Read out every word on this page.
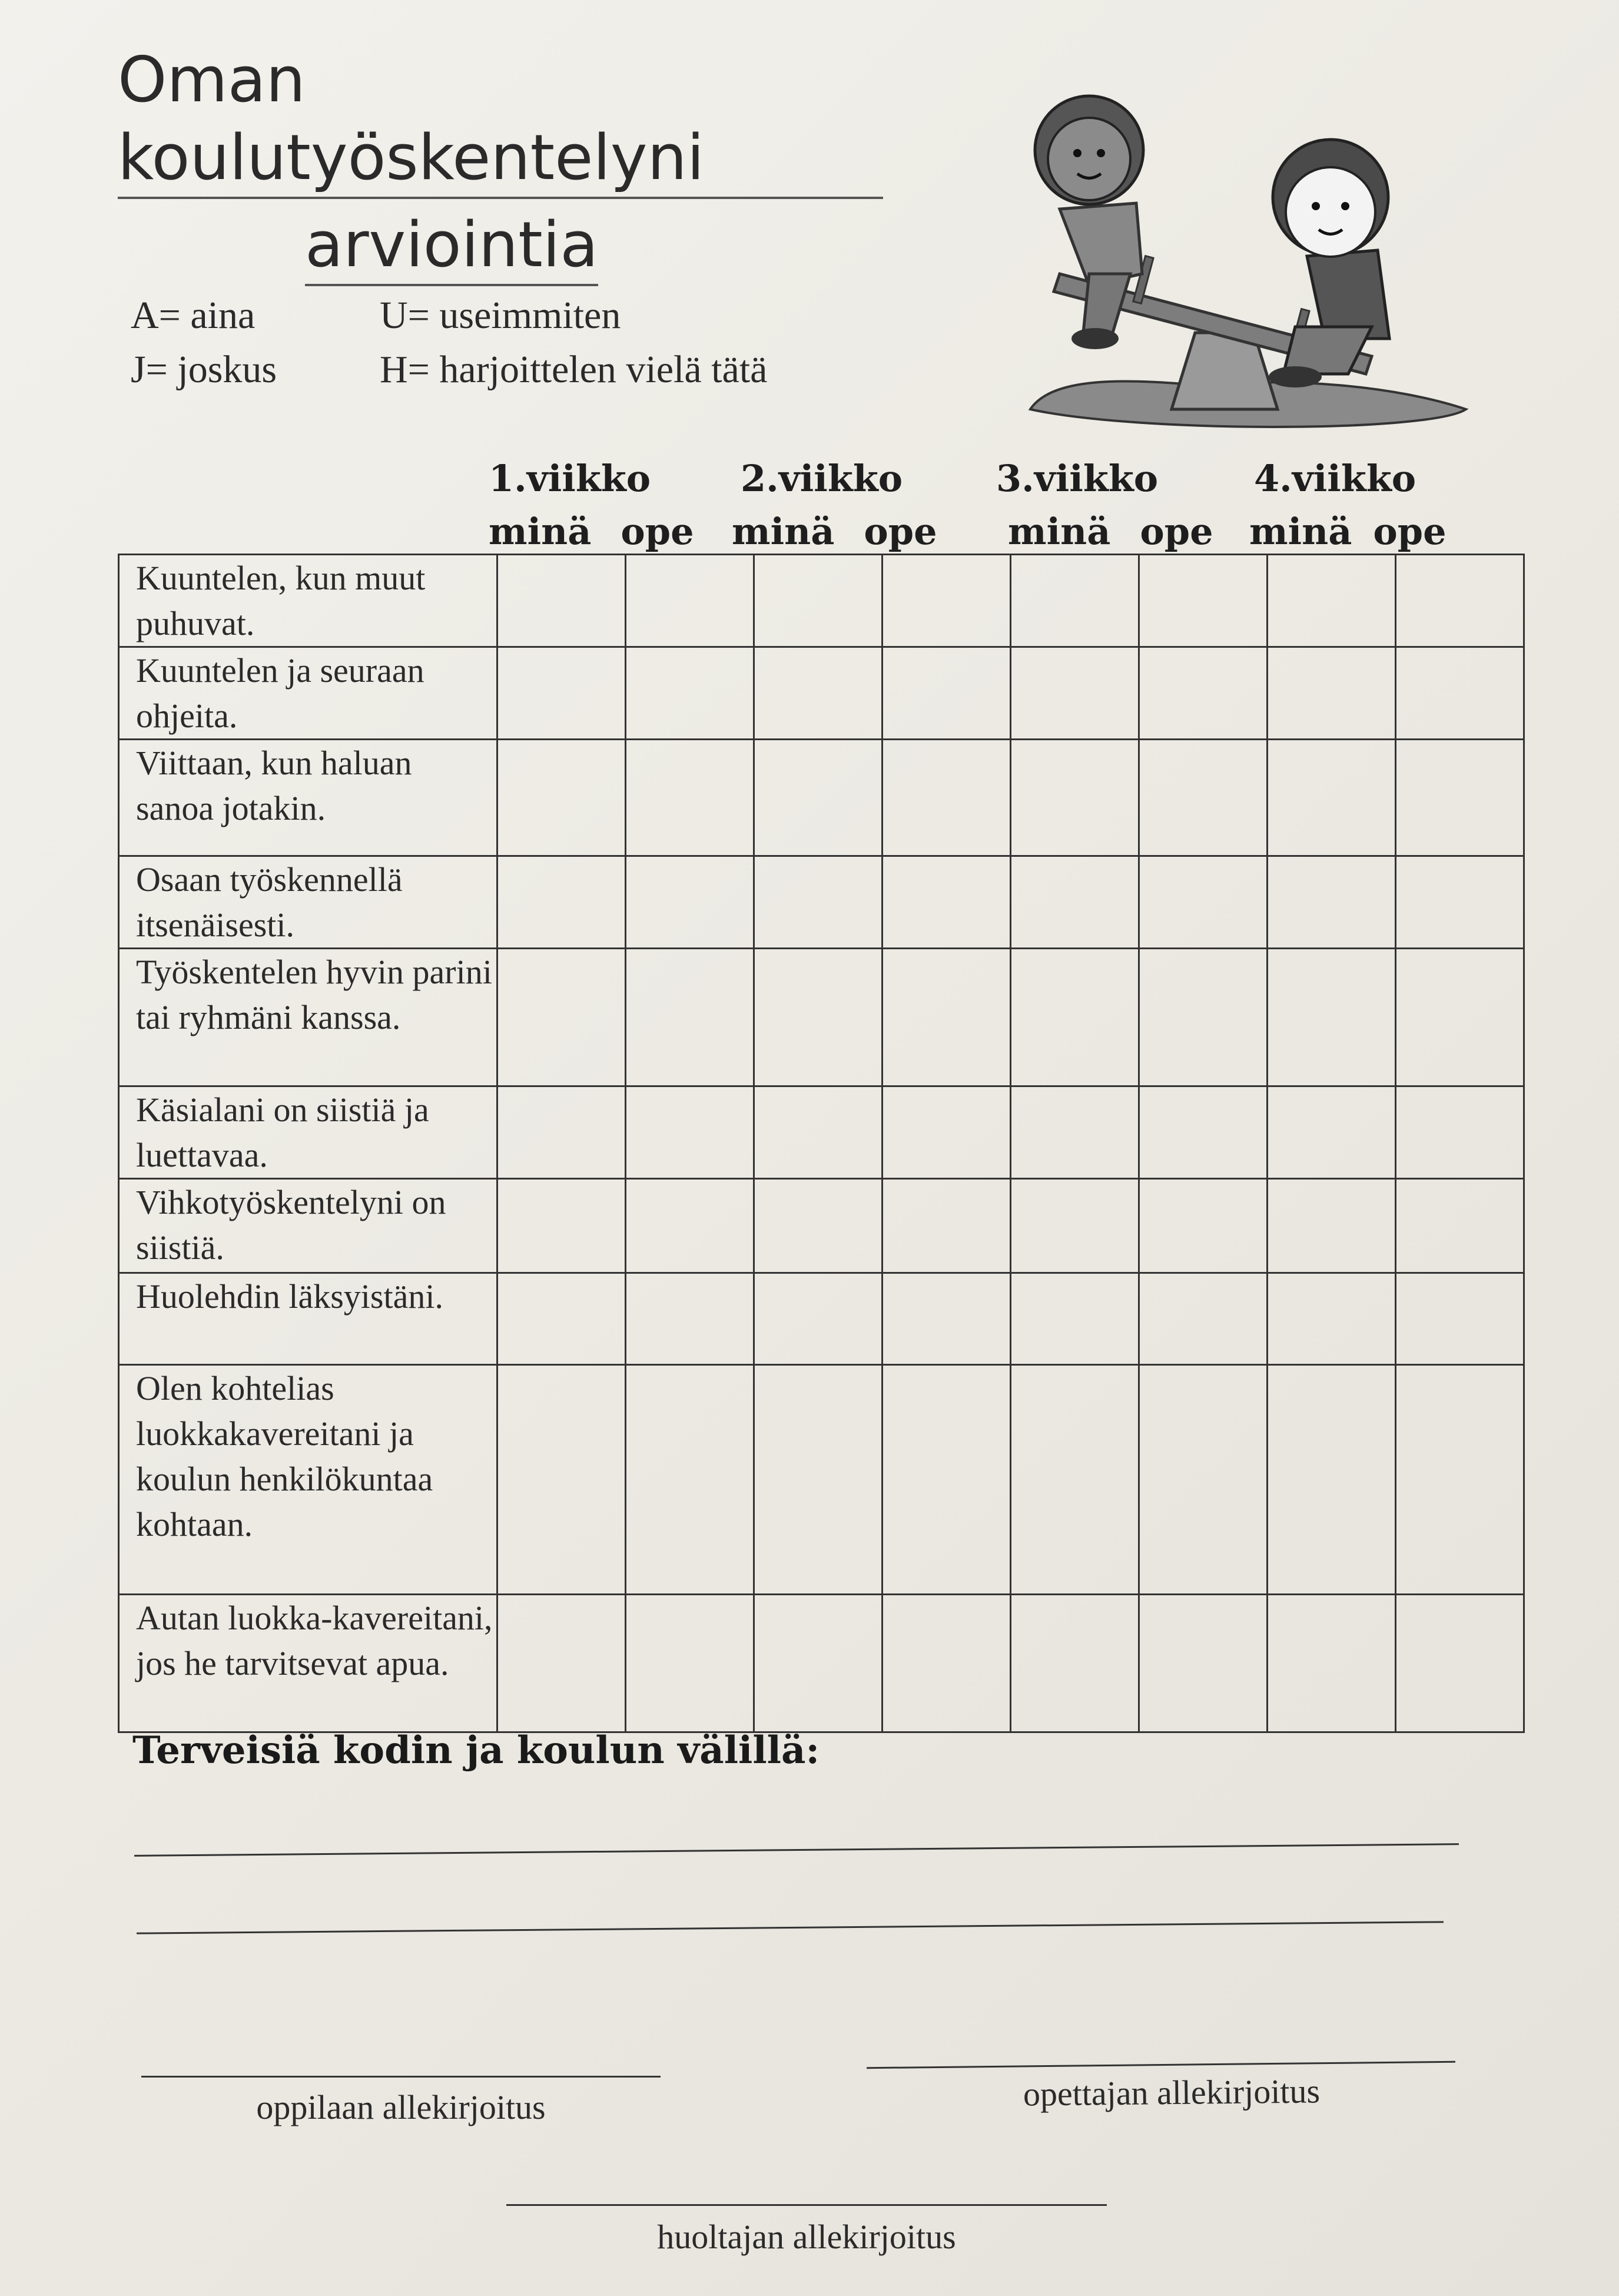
Oman koulutyöskentelyni
arviointia
A= aina
J= joskus
U= useimmiten
H= harjoittelen vielä tätä
1.viikko
minä ope
2.viikko
minä ope
3.viikko
minä ope
4.viikko
minä ope
Kuuntelen, kun muut puhuvat.								
Kuuntelen ja seuraan ohjeita.								
Viittaan, kun haluan sanoa jotakin.								
Osaan työskennellä itsenäisesti.								
Työskentelen hyvin parini tai ryhmäni kanssa.								
Käsialani on siistiä ja luettavaa.								
Vihkotyöskentelyni on siistiä.								
Huolehdin läksyistäni.								
Olen kohtelias luokkakavereitani ja koulun henkilökuntaa kohtaan.								
Autan luokka-kavereitani, jos he tarvitsevat apua.								
Terveisiä kodin ja koulun välillä:
oppilaan allekirjoitus	opettajan allekirjoitus
huoltajan allekirjoitus
